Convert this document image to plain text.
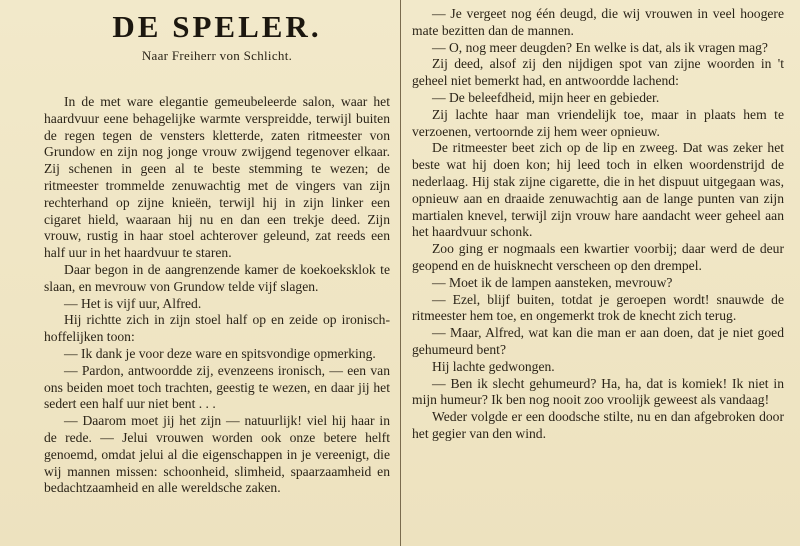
DE SPELER.
Naar Freiherr von Schlicht.

In de met ware elegantie gemeubeleerde salon, waar het haardvuur eene behagelijke warmte verspreidde, terwijl buiten de regen tegen de vensters kletterde, zaten ritmeester von Grundow en zijn nog jonge vrouw zwijgend tegenover elkaar. Zij schenen in geen al te beste stemming te wezen; de ritmeester trommelde zenuwachtig met de vingers van zijn rechterhand op zijne knieën, terwijl hij in zijn linker een cigaret hield, waaraan hij nu en dan een trekje deed. Zijn vrouw, rustig in haar stoel achterover geleund, zat reeds een half uur in het haardvuur te staren.

Daar begon in de aangrenzende kamer de koekoeksklok te slaan, en mevrouw von Grundow telde vijf slagen.

— Het is vijf uur, Alfred.

Hij richtte zich in zijn stoel half op en zeide op ironisch-hoffelijken toon:

— Ik dank je voor deze ware en spitsvondige opmerking.

— Pardon, antwoordde zij, evenzeens ironisch, — een van ons beiden moet toch trachten, geestig te wezen, en daar jij het sedert een half uur niet bent . . .

— Daarom moet jij het zijn — natuurlijk! viel hij haar in de rede. — Jelui vrouwen worden ook onze betere helft genoemd, omdat jelui al die eigenschappen in je vereenigt, die wij mannen missen: schoonheid, slimheid, spaarzaamheid en bedachtzaamheid en alle wereldsche zaken.

— Je vergeet nog één deugd, die wij vrouwen in veel hoogere mate bezitten dan de mannen.

— O, nog meer deugden? En welke is dat, als ik vragen mag?

Zij deed, alsof zij den nijdigen spot van zijne woorden in 't geheel niet bemerkt had, en antwoordde lachend:

— De beleefdheid, mijn heer en gebieder.

Zij lachte haar man vriendelijk toe, maar in plaats hem te verzoenen, vertoornde zij hem weer opnieuw.

De ritmeester beet zich op de lip en zweeg. Dat was zeker het beste wat hij doen kon; hij leed toch in elken woordenstrijd de nederlaag. Hij stak zijne cigarette, die in het dispuut uitgegaan was, opnieuw aan en draaide zenuwachtig aan de lange punten van zijn martialen knevel, terwijl zijn vrouw hare aandacht weer geheel aan het haardvuur schonk.

Zoo ging er nogmaals een kwartier voorbij; daar werd de deur geopend en de huisknecht verscheen op den drempel.

— Moet ik de lampen aansteken, mevrouw?

— Ezel, blijf buiten, totdat je geroepen wordt! snauwde de ritmeester hem toe, en ongemerkt trok de knecht zich terug.

— Maar, Alfred, wat kan die man er aan doen, dat je niet goed gehumeurd bent?

Hij lachte gedwongen.

— Ben ik slecht gehumeurd? Ha, ha, dat is komiek! Ik niet in mijn humeur? Ik ben nog nooit zoo vroolijk geweest als vandaag!

Weder volgde er een doodsche stilte, nu en dan afgebroken door het gegier van den wind.
